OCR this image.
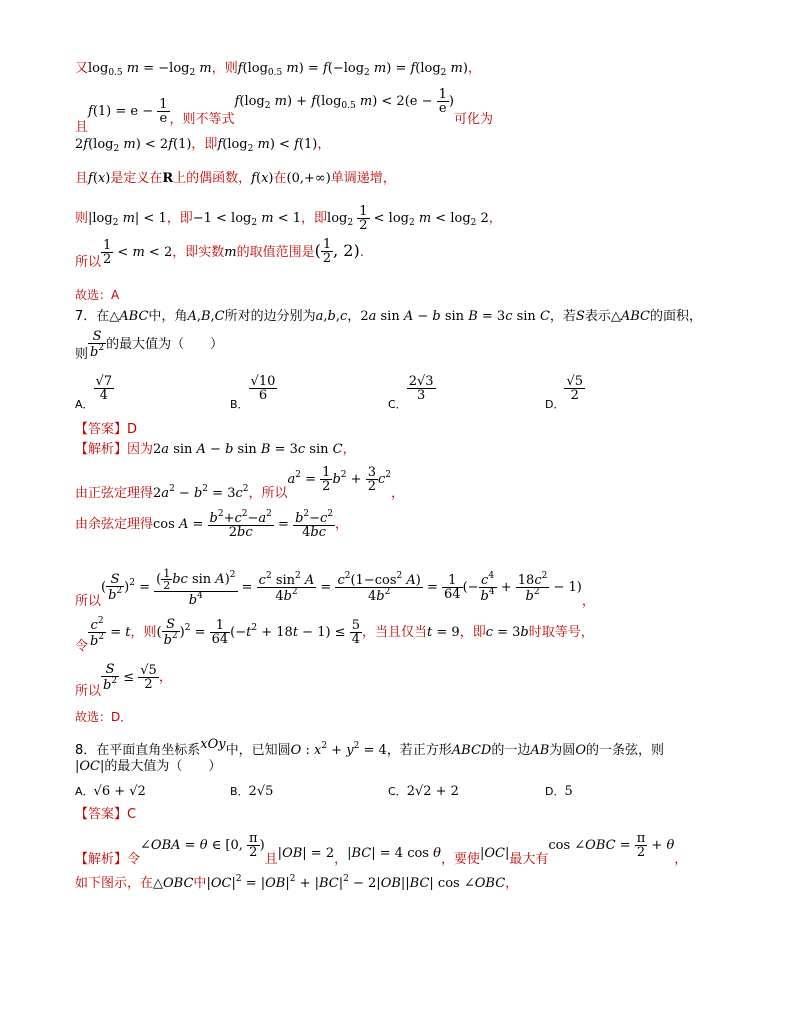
又$\log_{0.5} m = -\log_2$ m，则$f(\log_{0.5}$ $m) = f(-\log_2$ $m) = f(\log_2$ m)，
且$f(1) = e - \frac{1}{e}$ ，则不等式$f(\log_2$ $m) + f(\log_{0.5}$ $m) < 2(e - \frac{1}{e}$ )可化为
$2f(\log_2$ m) < 2f(1)，即$f(\log_2$ m) < f(1)，
且f(x)是定义在R上的偶函数，f(x)在(0,+∞)单调递增，
则$|\log_2$ m| < 1，即$-1 < \log_2 m < 1$，即$\log_2 \frac{1}{2} < \log_2 m < \log_2 2$，
所以 $\frac{1}{2} < m < 2$，即实数m的取值范围是( $\frac{1}{2}$ , 2).
故选：A
7．在△ABC中，角A,B,C所对的边分别为a,b,c，2a sin A − b sin B = 3c sin C，若S表示△ABC的面积，
则 $\frac{S}{b^2}$ 的最大值为（　　）
$_{A.}$
$\frac{√7}{4}$
$_{B.}$
$\frac{√10}{6}$
$_{C.}$
$\frac{2√3}{3}$
$_{D.}$
$\frac{√5}{2}$
【答案】D
【解析】因为2a sin A − b sin B = 3c sin C，
由正弦定理得$2a^2 - b^2 = 3c^2$，所以$a^2 = \frac{1}{2} b^2 + \frac{3}{2} c^2$，
由余弦定理得$\cos A = \frac{b^2+c^2-a^2}{2bc} = \frac{b^2-c^2}{4bc}$ ，
所以( $\frac{S}{b^2} )^2 = \frac{( \frac{1}{2} bc \sin A)^2}{b^4} = \frac{c^2 \sin^2 A}{4b^2} = \frac{c^2(1-\cos^2 A)}{4b^2} = \frac{1}{64}$ (− $\frac{c^4}{b^4} + \frac{18c^2}{b^2} - 1$)，
令 $\frac{c^2}{b^2} = t$，则( $\frac{S}{b^2} )^2 = \frac{1}{64} (-t^2 + 18t - 1) \le \frac{5}{4}$ ，当且仅当t = 9，即c = 3b时取等号，
所以 $\frac{S}{b^2} \le \frac{√5}{2}$ ，
故选：D．
8．在平面直角坐标系xOy中，已知圆O : $x^2 + y^2 = 4$，若正方形ABCD的一边AB为圆O的一条弦，则
|OC|的最大值为（　　）
A．√6 + √2	B．2√5	C．2√2 + 2	D．5
【答案】C
【解析】令∠OBA = θ ∈ [0, $\frac{\pi}{2}$ )且|OB| = 2，|BC| = 4 cos θ，要使|OC|最大有cos ∠OBC = $\frac{\pi}{2} + \theta$，
如下图示，在△OBC中$|OC|^2 = |OB|^2 + |BC|^2 - 2|OB||BC|$ cos ∠OBC，
